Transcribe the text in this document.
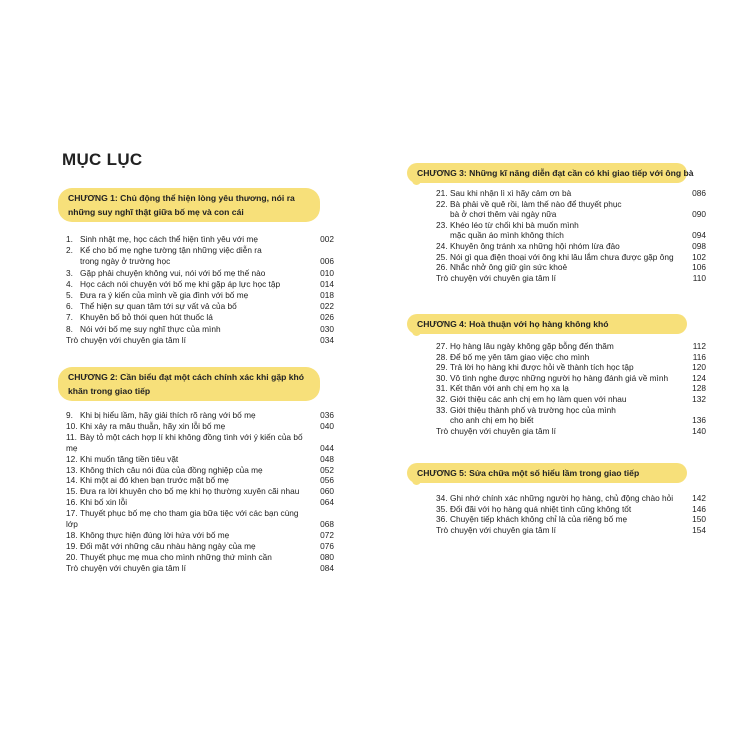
MỤC LỤC
CHƯƠNG 1: Chủ động thể hiện lòng yêu thương, nói ra những suy nghĩ thật giữa bố mẹ và con cái
1. Sinh nhật mẹ, học cách thể hiện tình yêu với mẹ	002
2. Kể cho bố mẹ nghe tường tận những việc diễn ra
trong ngày ở trường học	006
3. Gặp phải chuyện không vui, nói với bố mẹ thế nào	010
4. Học cách nói chuyện với bố mẹ khi gặp áp lực học tập	014
5. Đưa ra ý kiến của mình về gia đình với bố mẹ	018
6. Thể hiện sự quan tâm tới sự vất vả của bố	022
7. Khuyên bố bỏ thói quen hút thuốc lá	026
8. Nói với bố mẹ suy nghĩ thực của mình	030
Trò chuyện với chuyên gia tâm lí	034
CHƯƠNG 2: Cần biểu đạt một cách chính xác khi gặp khó khăn trong giao tiếp
9. Khi bị hiểu lầm, hãy giải thích rõ ràng với bố mẹ	036
10. Khi xảy ra mâu thuẫn, hãy xin lỗi bố mẹ	040
11. Bày tỏ một cách hợp lí khi không đồng tình với ý kiến của bố mẹ	044
12. Khi muốn tăng tiền tiêu vặt	048
13. Không thích câu nói đùa của đồng nghiệp của mẹ	052
14. Khi một ai đó khen bạn trước mặt bố mẹ	056
15. Đưa ra lời khuyên cho bố mẹ khi họ thường xuyên cãi nhau	060
16. Khi bố xin lỗi	064
17. Thuyết phục bố mẹ cho tham gia bữa tiệc với các bạn cùng lớp	068
18. Không thực hiện đúng lời hứa với bố mẹ	072
19. Đối mặt với những câu nhàu hàng ngày của mẹ	076
20. Thuyết phục mẹ mua cho mình những thứ mình cần	080
Trò chuyện với chuyên gia tâm lí	084
CHƯƠNG 3: Những kĩ năng diễn đạt cần có khi giao tiếp với ông bà
21. Sau khi nhận lì xì hãy cảm ơn bà	086
22. Bà phải về quê rồi, làm thế nào để thuyết phục
bà ở chơi thêm vài ngày nữa	090
23. Khéo léo từ chối khi bà muốn mình
mặc quần áo mình không thích	094
24. Khuyên ông tránh xa những hội nhóm lừa đảo	098
25. Nói gì qua điện thoại với ông khi lâu lắm chưa được gặp ông 102
26. Nhắc nhở ông giữ gìn sức khoẻ	106
Trò chuyện với chuyên gia tâm lí	110
CHƯƠNG 4: Hoà thuận với họ hàng không khó
27. Họ hàng lâu ngày không gặp bỗng đến thăm	112
28. Để bố mẹ yên tâm giao việc cho mình	116
29. Trả lời họ hàng khi được hỏi về thành tích học tập	120
30. Vô tình nghe được những người họ hàng đánh giá về mình	124
31. Kết thân với anh chị em họ xa lạ	128
32. Giới thiệu các anh chị em họ làm quen với nhau	132
33. Giới thiệu thành phố và trường học của mình
cho anh chị em họ biết	136
Trò chuyện với chuyên gia tâm lí	140
CHƯƠNG 5: Sửa chữa một số hiểu lầm trong giao tiếp
34. Ghi nhớ chính xác những người họ hàng, chủ động chào hỏi 142
35. Đối đãi với họ hàng quá nhiệt tình cũng không tốt	146
36. Chuyện tiếp khách không chỉ là của riêng bố mẹ	150
Trò chuyện với chuyên gia tâm lí	154
